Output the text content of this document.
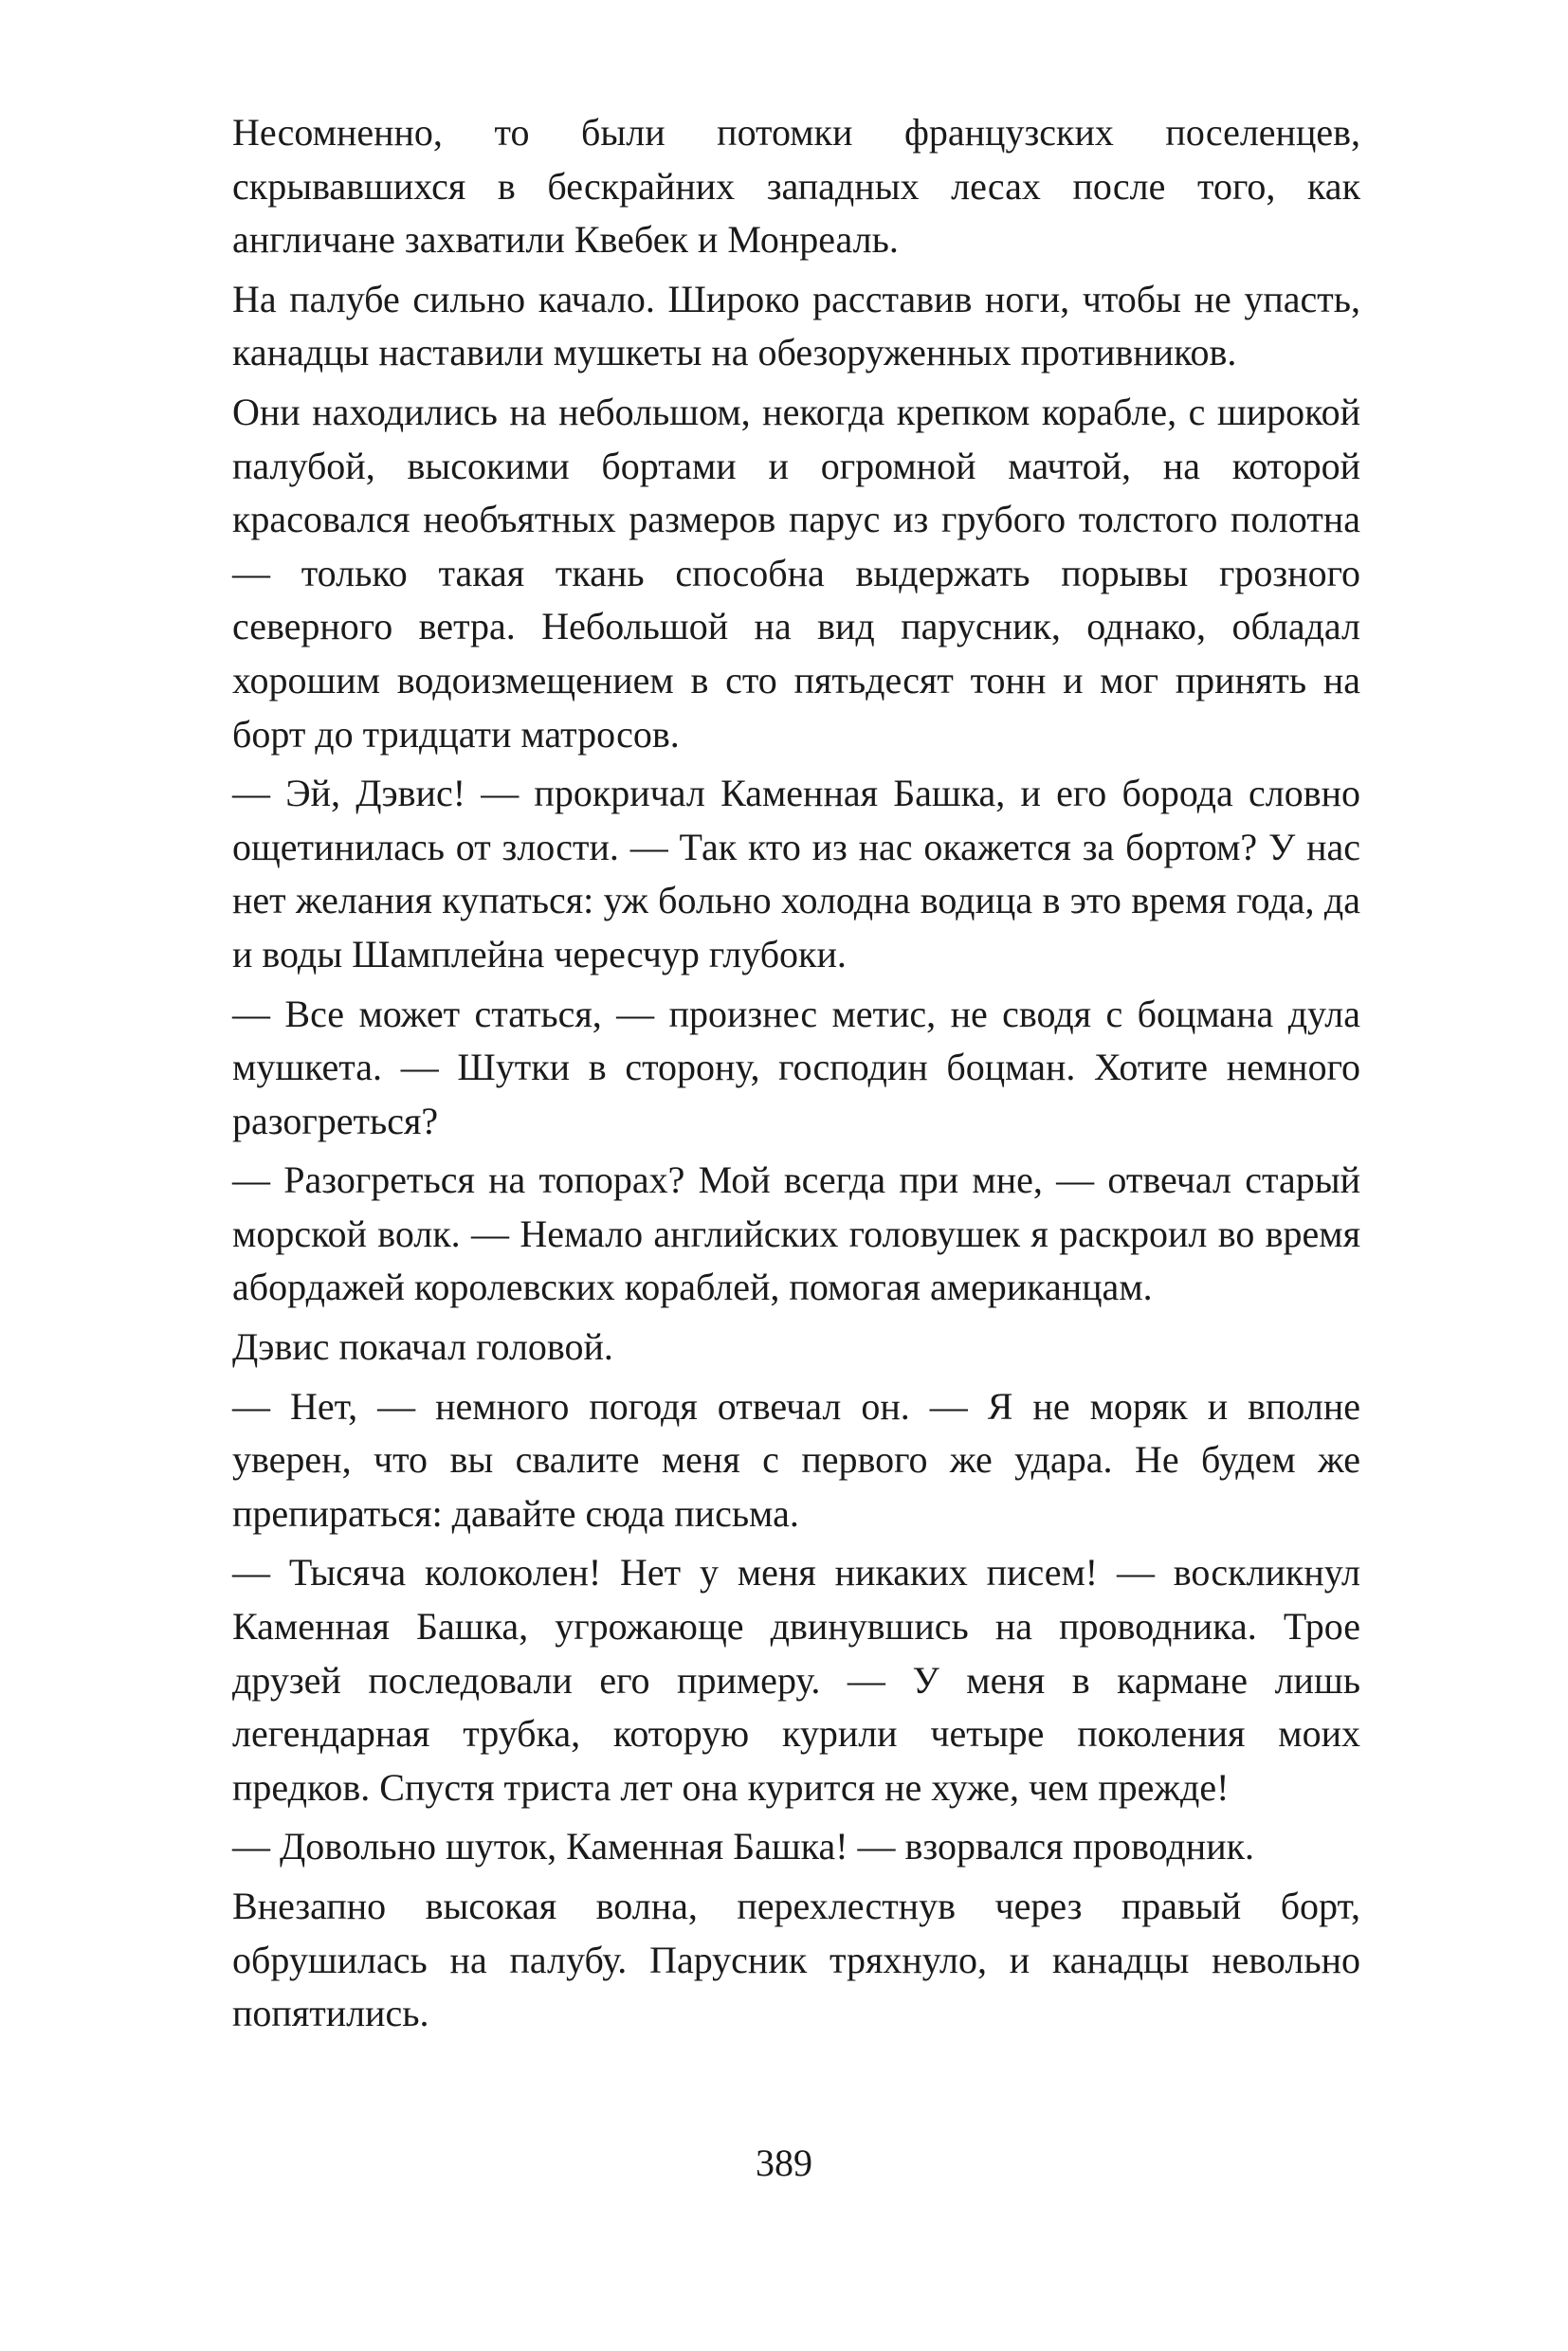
Несомненно, то были потомки французских поселенцев, скрывавшихся в бескрайних западных лесах после того, как англичане захватили Квебек и Монреаль.

На палубе сильно качало. Широко расставив ноги, чтобы не упасть, канадцы наставили мушкеты на обезоруженных противников.

Они находились на небольшом, некогда крепком корабле, с широкой палубой, высокими бортами и огромной мачтой, на которой красовался необъятных размеров парус из грубого толстого полотна — только такая ткань способна выдержать порывы грозного северного ветра. Небольшой на вид парусник, однако, обладал хорошим водоизмещением в сто пятьдесят тонн и мог принять на борт до тридцати матросов.

— Эй, Дэвис! — прокричал Каменная Башка, и его борода словно ощетинилась от злости. — Так кто из нас окажется за бортом? У нас нет желания купаться: уж больно холодна водица в это время года, да и воды Шамплейна чересчур глубоки.

— Все может статься, — произнес метис, не сводя с боцмана дула мушкета. — Шутки в сторону, господин боцман. Хотите немного разогреться?

— Разогреться на топорах? Мой всегда при мне, — отвечал старый морской волк. — Немало английских головушек я раскроил во время абордажей королевских кораблей, помогая американцам.

Дэвис покачал головой.

— Нет, — немного погодя отвечал он. — Я не моряк и вполне уверен, что вы свалите меня с первого же удара. Не будем же препираться: давайте сюда письма.

— Тысяча колоколен! Нет у меня никаких писем! — воскликнул Каменная Башка, угрожающе двинувшись на проводника. Трое друзей последовали его примеру. — У меня в кармане лишь легендарная трубка, которую курили четыре поколения моих предков. Спустя триста лет она курится не хуже, чем прежде!

— Довольно шуток, Каменная Башка! — взорвался проводник.

Внезапно высокая волна, перехлестнув через правый борт, обрушилась на палубу. Парусник тряхнуло, и канадцы невольно попятились.

389
